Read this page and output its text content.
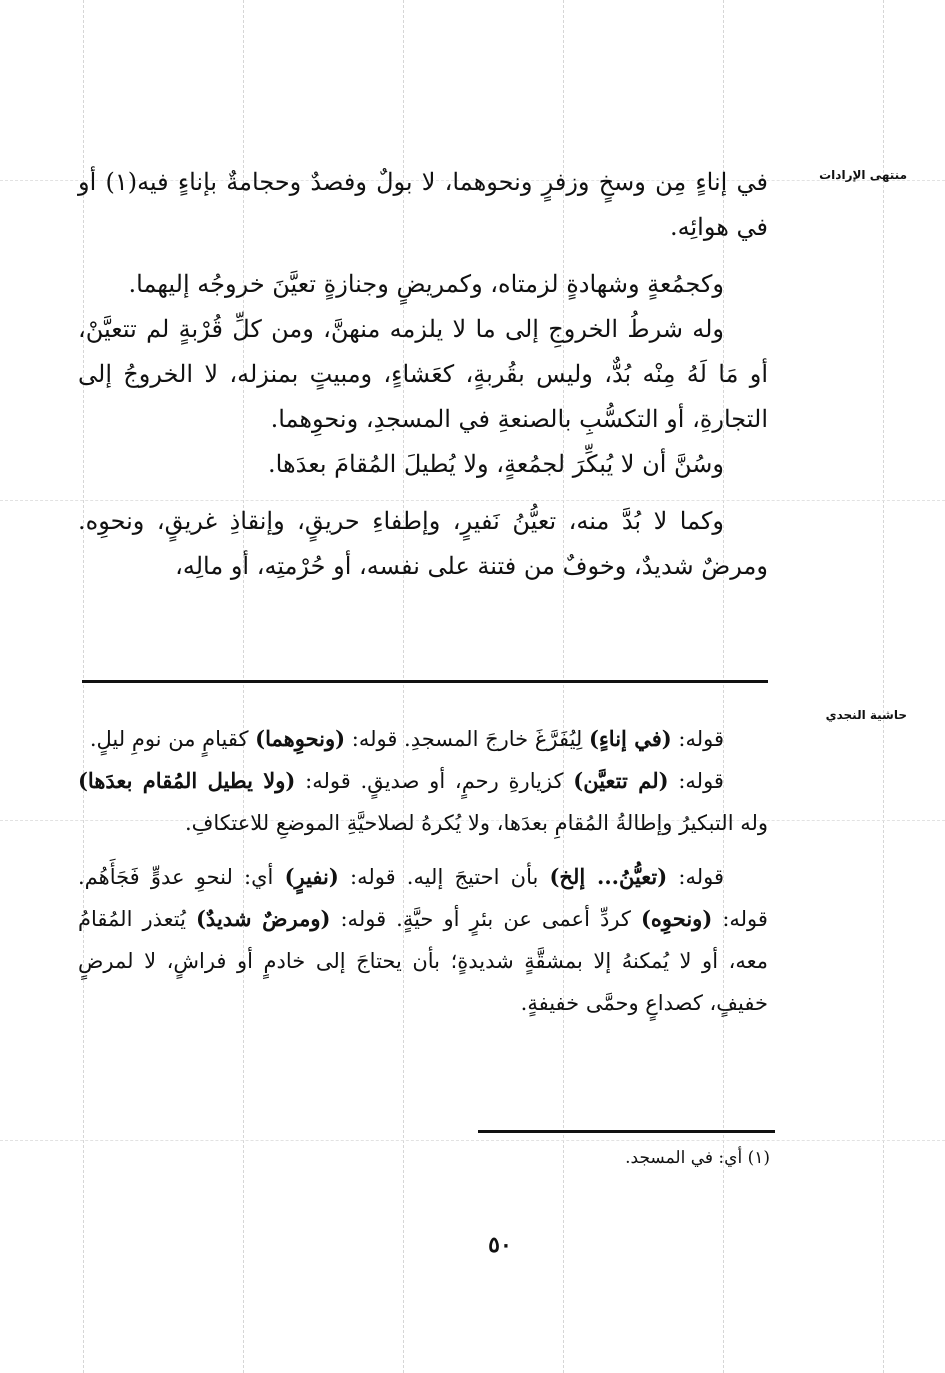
منتهى الإرادات
حاشية النجدي

في إناءٍ مِن وسخٍ وزفرٍ ونحوهما، لا بولٌ وفصدٌ وحجامةٌ بإناءٍ فيه(١) أو في هوائِه.

وكجمُعةٍ وشهادةٍ لزمتاه، وكمريضٍ وجنازةٍ تعيَّنَ خروجُه إليهما.

وله شرطُ الخروجِ إلى ما لا يلزمه منهنَّ، ومن كلِّ قُرْبةٍ لم تتعيَّنْ، أو مَا لَهُ مِنْه بُدٌّ، وليس بقُربةٍ، كعَشاءٍ، ومبيتٍ بمنزله، لا الخروجُ إلى التجارةِ، أو التكسُّبِ بالصنعةِ في المسجدِ، ونحوِهما.

وسُنَّ أن لا يُبكِّرَ لجمُعةٍ، ولا يُطيلَ المُقامَ بعدَها.

وكما لا بُدَّ منه، تعيُّنُ نَفيرٍ، وإطفاءِ حريقٍ، وإنقاذِ غريقٍ، ونحوِه. ومرضٌ شديدٌ، وخوفٌ من فتنة على نفسه، أو حُرْمتِه، أو مالِه،

قوله: (في إناءٍ) لِيُفَرَّغَ خارجَ المسجدِ. قوله: (ونحوِهما) كقيامٍ من نومِ ليلٍ.

قوله: (لم تتعيَّن) كزيارةِ رحمٍ، أو صديقٍ. قوله: (ولا يطيل المُقام بعدَها) وله التبكيرُ وإطالةُ المُقامِ بعدَها، ولا يُكرهُ لصلاحيَّةِ الموضعِ للاعتكافِ.

قوله: (تعيُّنُ... إلخ) بأن احتيجَ إليه. قوله: (نفيرٍ) أي: لنحوِ عدوٍّ فَجَأَهُم. قوله: (ونحوِه) كردِّ أعمى عن بئرٍ أو حيَّةٍ. قوله: (ومرضٌ شديدٌ) يُتعذر المُقامُ معه، أو لا يُمكنهُ إلا بمشقَّةٍ شديدةٍ؛ بأن يحتاجَ إلى خادمٍ أو فراشٍ، لا لمرضٍ خفيفٍ، كصداعٍ وحمَّى خفيفةٍ.

(١) أي: في المسجد.
٥٠
